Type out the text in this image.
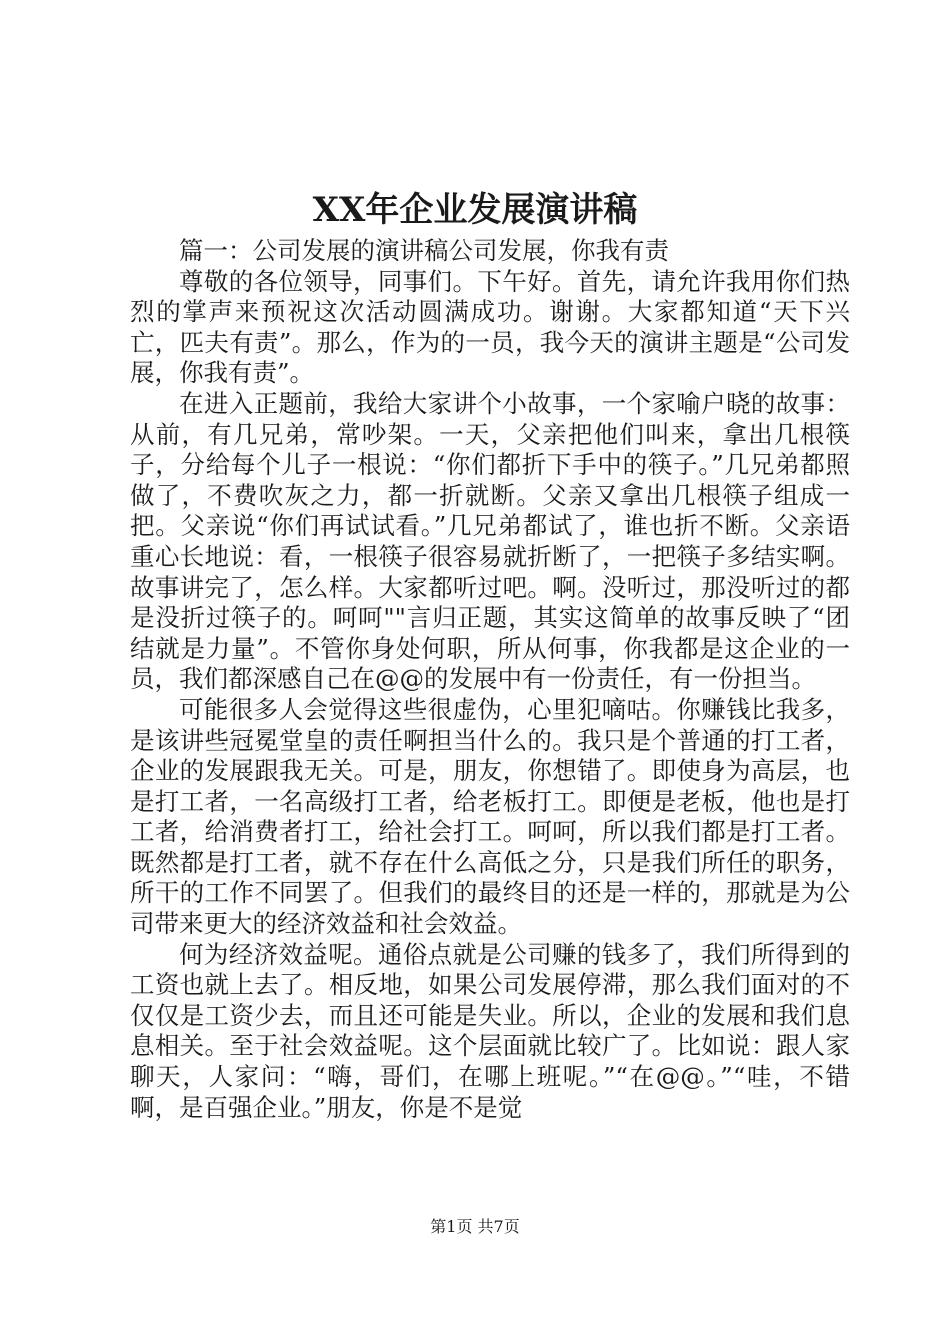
XX年企业发展演讲稿

篇一：公司发展的演讲稿公司发展，你我有责

尊敬的各位领导，同事们。下午好。首先，请允许我用你们热烈的掌声来预祝这次活动圆满成功。谢谢。大家都知道“天下兴亡，匹夫有责”。那么，作为的一员，我今天的演讲主题是“公司发展，你我有责”。

在进入正题前，我给大家讲个小故事，一个家喻户晓的故事：从前，有几兄弟，常吵架。一天，父亲把他们叫来，拿出几根筷子，分给每个儿子一根说：“你们都折下手中的筷子。”几兄弟都照做了，不费吹灰之力，都一折就断。父亲又拿出几根筷子组成一把。父亲说“你们再试试看。”几兄弟都试了，谁也折不断。父亲语重心长地说：看，一根筷子很容易就折断了，一把筷子多结实啊。故事讲完了，怎么样。大家都听过吧。啊。没听过，那没听过的都是没折过筷子的。呵呵""言归正题，其实这简单的故事反映了“团结就是力量”。不管你身处何职，所从何事，你我都是这企业的一员，我们都深感自己在@@的发展中有一份责任，有一份担当。

可能很多人会觉得这些很虚伪，心里犯嘀咕。你赚钱比我多，是该讲些冠冕堂皇的责任啊担当什么的。我只是个普通的打工者，企业的发展跟我无关。可是，朋友，你想错了。即使身为高层，也是打工者，一名高级打工者，给老板打工。即便是老板，他也是打工者，给消费者打工，给社会打工。呵呵，所以我们都是打工者。既然都是打工者，就不存在什么高低之分，只是我们所任的职务，所干的工作不同罢了。但我们的最终目的还是一样的，那就是为公司带来更大的经济效益和社会效益。

何为经济效益呢。通俗点就是公司赚的钱多了，我们所得到的工资也就上去了。相反地，如果公司发展停滞，那么我们面对的不仅仅是工资少去，而且还可能是失业。所以，企业的发展和我们息息相关。至于社会效益呢。这个层面就比较广了。比如说：跟人家聊天，人家问：“嗨，哥们，在哪上班呢。”“在@@。”“哇，不错啊，是百强企业。”朋友，你是不是觉

第1页 共7页
